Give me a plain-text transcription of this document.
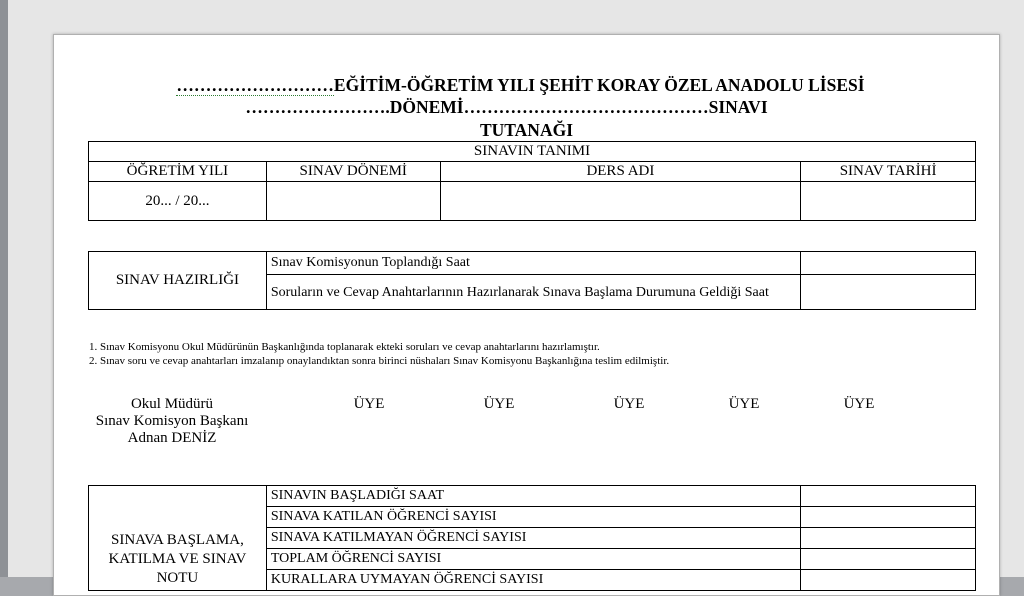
………………………EĞİTİM-ÖĞRETİM YILI ŞEHİT KORAY ÖZEL ANADOLU LİSESİ
…………………….DÖNEMİ……………………………………SINAVI
TUTANAĞI
SINAVIN TANIMI			
ÖĞRETİM YILI	SINAV DÖNEMİ	DERS ADI	SINAV TARİHİ
20... / 20...			
SINAV HAZIRLIĞI	Sınav Komisyonun Toplandığı Saat	
	Soruların ve Cevap Anahtarlarının Hazırlanarak Sınava Başlama Durumuna Geldiği Saat	
1. Sınav Komisyonu Okul Müdürünün Başkanlığında toplanarak ekteki soruları ve cevap anahtarlarını hazırlamıştır.
2. Sınav soru ve cevap anahtarları imzalanıp onaylandıktan sonra birinci nüshaları Sınav Komisyonu Başkanlığına teslim edilmiştir.
Okul Müdürü
Sınav Komisyon Başkanı
Adnan DENİZ
ÜYE	ÜYE	ÜYE	ÜYE	ÜYE
SINAVA BAŞLAMA,
KATILMA VE SINAV
NOTU	SINAVIN BAŞLADIĞI SAAT	
	SINAVA KATILAN ÖĞRENCİ SAYISI	
	SINAVA KATILMAYAN ÖĞRENCİ SAYISI	
	TOPLAM ÖĞRENCİ SAYISI	
	KURALLARA UYMAYAN ÖĞRENCİ SAYISI	
